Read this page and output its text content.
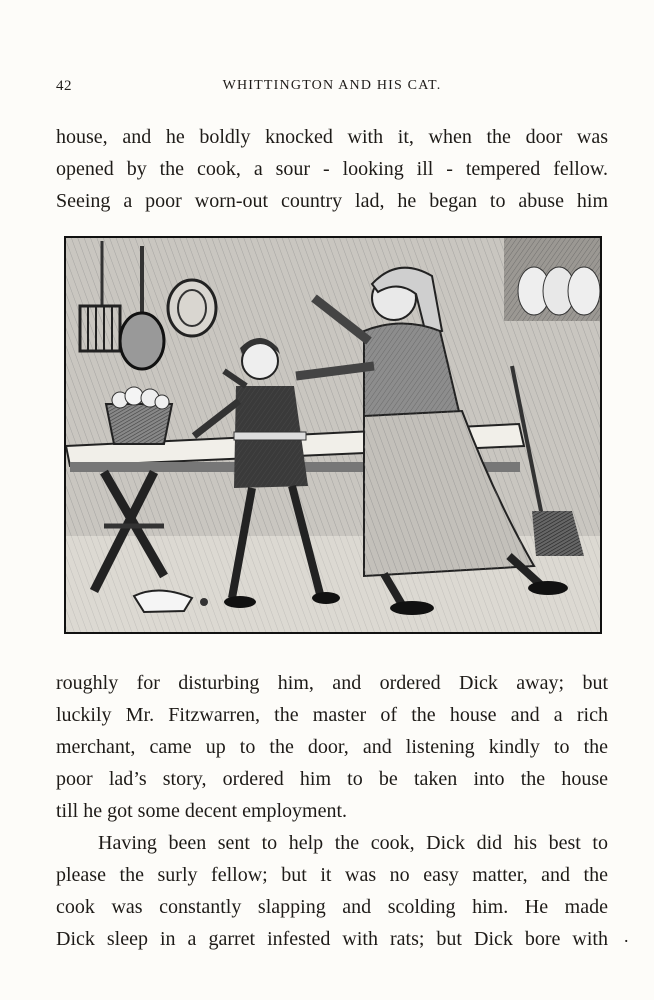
42	WHITTINGTON AND HIS CAT.
house, and he boldly knocked with it, when the door was
opened by the cook, a sour - looking ill - tempered fellow.
Seeing a poor worn-out country lad, he began to abuse him
roughly for disturbing him, and ordered Dick away; but
luckily Mr. Fitzwarren, the master of the house and a rich
merchant, came up to the door, and listening kindly to the
poor lad’s story, ordered him to be taken into the house
till he got some decent employment.
Having been sent to help the cook, Dick did his best to
please the surly fellow; but it was no easy matter, and the
cook was constantly slapping and scolding him. He made
Dick sleep in a garret infested with rats; but Dick bore with .
